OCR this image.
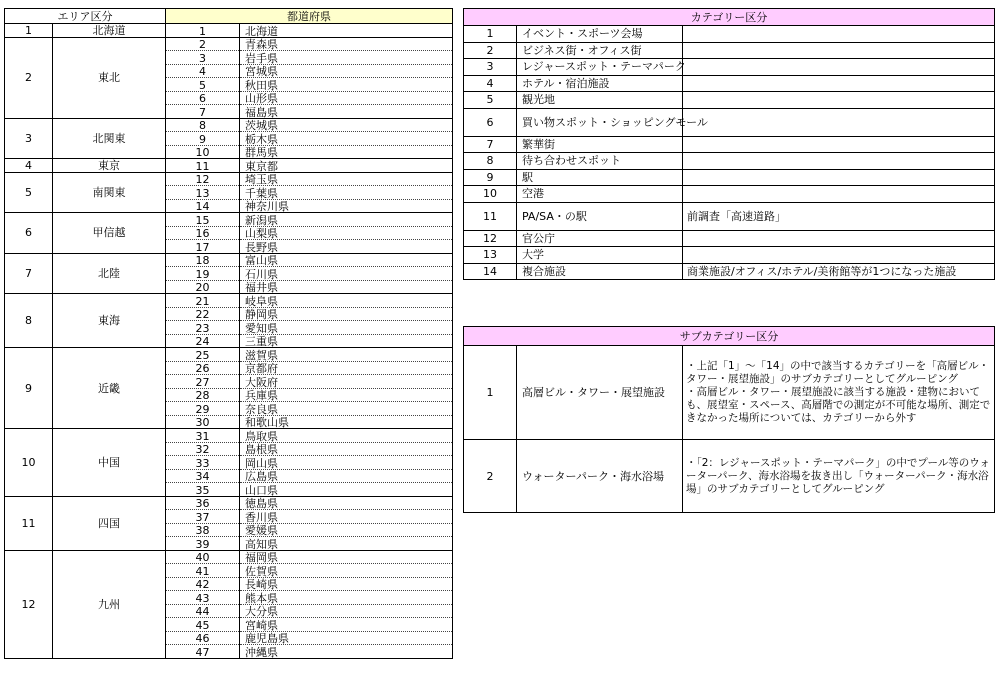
エリア区分		都道府県	
1	北海道	1	北海道
2	東北	2	青森県
		3	岩手県
		4	宮城県
		5	秋田県
		6	山形県
		7	福島県
3	北関東	8	茨城県
		9	栃木県
		10	群馬県
4	東京	11	東京都
5	南関東	12	埼玉県
		13	千葉県
		14	神奈川県
6	甲信越	15	新潟県
		16	山梨県
		17	長野県
7	北陸	18	富山県
		19	石川県
		20	福井県
8	東海	21	岐阜県
		22	静岡県
		23	愛知県
		24	三重県
9	近畿	25	滋賀県
		26	京都府
		27	大阪府
		28	兵庫県
		29	奈良県
		30	和歌山県
10	中国	31	鳥取県
		32	島根県
		33	岡山県
		34	広島県
		35	山口県
11	四国	36	徳島県
		37	香川県
		38	愛媛県
		39	高知県
12	九州	40	福岡県
		41	佐賀県
		42	長崎県
		43	熊本県
		44	大分県
		45	宮崎県
		46	鹿児島県
		47	沖縄県
カテゴリー区分		
1	イベント・スポーツ会場	
2	ビジネス街・オフィス街	
3	レジャースポット・テーマパーク	
4	ホテル・宿泊施設	
5	観光地	
6	買い物スポット・ショッピングモール	
7	繁華街	
8	待ち合わせスポット	
9	駅	
10	空港	
11	PA/SA・の駅	前調査「高速道路」
12	官公庁	
13	大学	
14	複合施設	商業施設/オフィス/ホテル/美術館等が1つになった施設
サブカテゴリー区分		
1	高層ビル・タワー・展望施設	・上記「1」～「14」の中で該当するカテゴリーを「高層ビル・タワー・展望施設」のサブカテゴリーとしてグルーピング
・高層ビル・タワー・展望施設に該当する施設・建物においても、展望室・スペース、高層階での測定が不可能な場所、測定できなかった場所については、カテゴリーから外す
2	ウォーターパーク・海水浴場	・「2：レジャースポット・テーマパーク」の中でプール等のウォーターパーク、海水浴場を抜き出し「ウォーターパーク・海水浴場」のサブカテゴリーとしてグルーピング
